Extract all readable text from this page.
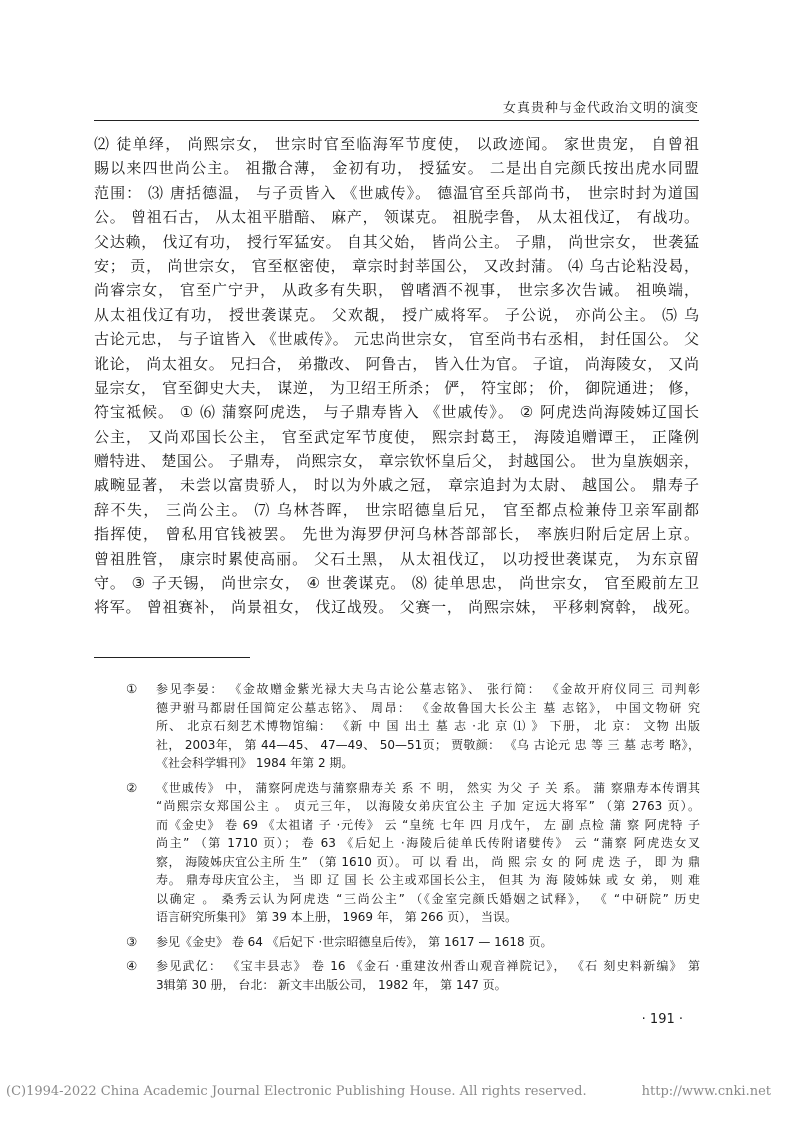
女真贵种与金代政治文明的演变
⑵ 徒单绎， 尚熙宗女， 世宗时官至临海军节度使， 以政迹闻。 家世贵宠， 自曾祖
賜以来四世尚公主。 祖撒合薄， 金初有功， 授猛安。 二是出自完颜氏按出虎水同盟
范围： ⑶ 唐括德温， 与子贡皆入 《世戚传》。 德温官至兵部尚书， 世宗时封为道国
公。 曾祖石古， 从太祖平腊醅、 麻产， 领谋克。 祖脱孛鲁， 从太祖伐辽， 有战功。
父达赖， 伐辽有功， 授行军猛安。 自其父始， 皆尚公主。 子鼎， 尚世宗女， 世袭猛
安； 贡， 尚世宗女， 官至枢密使， 章宗时封莘国公， 又改封蒲。 ⑷ 乌古论粘没曷，
尚睿宗女， 官至广宁尹， 从政多有失职， 曾嗜酒不视事， 世宗多次告诫。 祖唤端，
从太祖伐辽有功， 授世袭谋克。 父欢覩， 授广威将军。 子公说， 亦尚公主。 ⑸ 乌
古论元忠， 与子谊皆入 《世戚传》。 元忠尚世宗女， 官至尚书右丞相， 封任国公。 父
讹论， 尚太祖女。 兄扫合， 弟撒改、 阿鲁古， 皆入仕为官。 子谊， 尚海陵女， 又尚
显宗女， 官至御史大夫， 谋逆， 为卫绍王所杀； 俨， 符宝郎； 价， 御院通进； 修，
符宝祗候。 ① ⑹ 蒲察阿虎迭， 与子鼎寿皆入 《世戚传》。 ② 阿虎迭尚海陵姊辽国长
公主， 又尚邓国长公主， 官至武定军节度使， 熙宗封葛王， 海陵追赠谭王， 正隆例
赠特进、 楚国公。 子鼎寿， 尚熙宗女， 章宗钦怀皇后父， 封越国公。 世为皇族姻亲，
戚畹显著， 未尝以富贵骄人， 时以为外戚之冠， 章宗追封为太尉、 越国公。 鼎寿子
辞不失， 三尚公主。 ⑺ 乌林荅晖， 世宗昭德皇后兄， 官至都点检兼侍卫亲军副都
指挥使， 曾私用官钱被罢。 先世为海罗伊河乌林荅部部长， 率族归附后定居上京。
曾祖胜管， 康宗时累使高丽。 父石土黑， 从太祖伐辽， 以功授世袭谋克， 为东京留
守。 ③ 子天锡， 尚世宗女， ④ 世袭谋克。 ⑻ 徒单思忠， 尚世宗女， 官至殿前左卫
将军。 曾祖赛补， 尚景祖女， 伐辽战殁。 父赛一， 尚熙宗妹， 平移剌窝斡， 战死。
① 参见李晏： 《金故赠金紫光禄大夫乌古论公墓志铭》、 张行简： 《金故开府仪同三 司判彰
德尹驸马都尉任国简定公墓志铭》、 周昂： 《金故鲁国大长公主 墓 志铭》， 中国文物研 究
所、 北京石刻艺术博物馆编： 《新 中 国 出土 墓 志 ·北 京 ⑴ 》 下册， 北 京： 文物 出版
社， 2003年， 第 44—45、 47—49、 50—51页； 贾敬颜： 《乌 古论元 忠 等 三 墓 志考 略》，
《社会科学辑刊》 1984 年第 2 期。
② 《世戚传》 中， 蒲察阿虎迭与蒲察鼎寿关 系 不 明， 然实 为父 子 关 系。 蒲 察鼎寿本传谓其
“尚熙宗女郑国公主 。 贞元三年， 以海陵女弟庆宜公主 子加 定远大将军” （第 2763 页）。
而《金史》 卷 69 《太祖诸 子 ·元传》 云 “皇统 七年 四 月戊午， 左 副 点检 蒲 察 阿虎特 子
尚主” （第 1710 页）； 卷 63 《后妃上 ·海陵后徒单氏传附诸嬖传》 云 “蒲察 阿虎迭女叉
察， 海陵姊庆宜公主所 生” （第 1610 页）。 可 以 看 出， 尚 熙 宗 女 的 阿 虎 迭 子， 即 为 鼎
寿。 鼎寿母庆宜公主， 当 即 辽 国 长 公主或邓国长公主， 但其 为 海 陵姊妹 或 女 弟， 则 难
以确定 。 桑秀云认为阿虎迭 “三尚公主” （《金室完颜氏婚姻之试释》， 《 “中研院” 历史
语言研究所集刊》 第 39 本上册， 1969 年， 第 266 页）， 当误。
③ 参见《金史》 卷 64 《后妃下 ·世宗昭德皇后传》， 第 1617 — 1618 页。
④ 参见武亿： 《宝丰县志》 卷 16 《金石 ·重建汝州香山观音禅院记》， 《石 刻史料新编》 第
3辑第 30 册， 台北： 新文丰出版公司， 1982 年， 第 147 页。
· 191 ·
(C)1994-2022 China Academic Journal Electronic Publishing House. All rights reserved.	http://www.cnki.net
